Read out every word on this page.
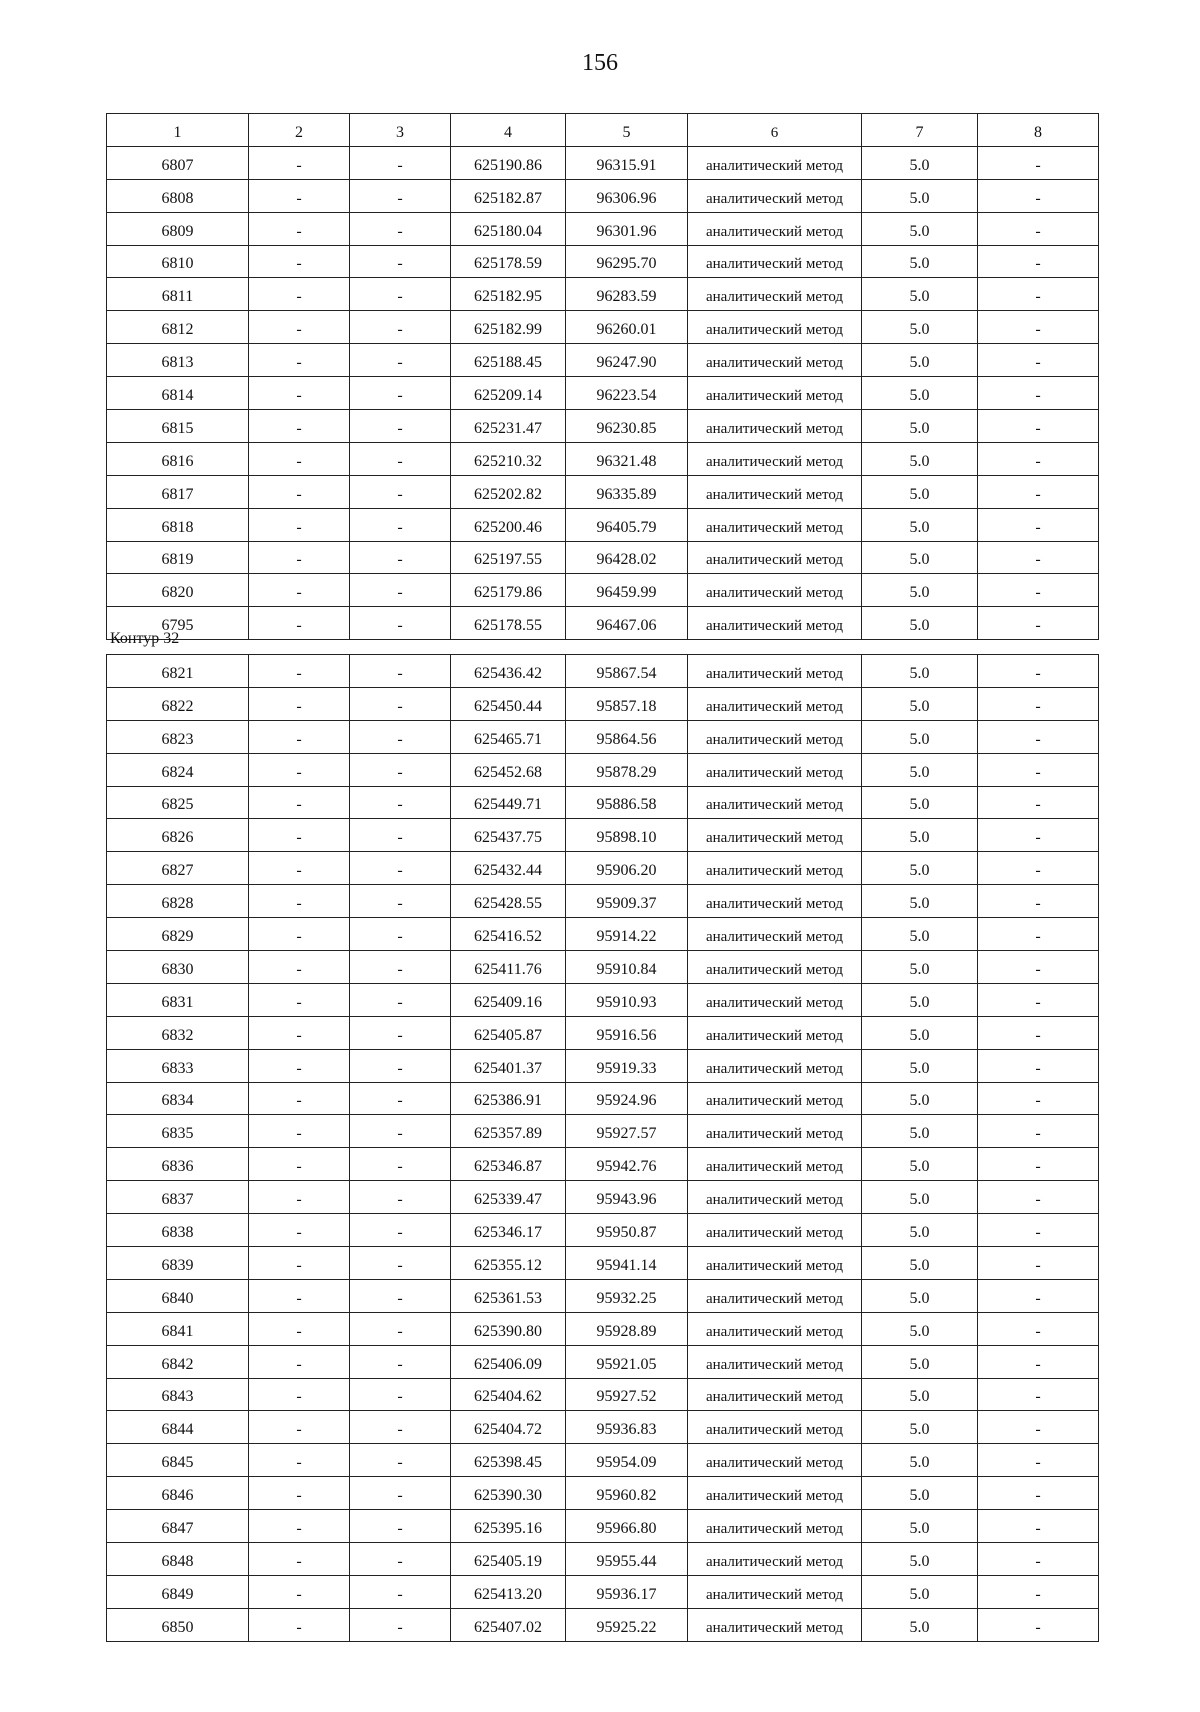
156
1	2	3	4	5	6	7	8
6807	-	-	625190.86	96315.91	аналитический метод	5.0	-
6808	-	-	625182.87	96306.96	аналитический метод	5.0	-
6809	-	-	625180.04	96301.96	аналитический метод	5.0	-
6810	-	-	625178.59	96295.70	аналитический метод	5.0	-
6811	-	-	625182.95	96283.59	аналитический метод	5.0	-
6812	-	-	625182.99	96260.01	аналитический метод	5.0	-
6813	-	-	625188.45	96247.90	аналитический метод	5.0	-
6814	-	-	625209.14	96223.54	аналитический метод	5.0	-
6815	-	-	625231.47	96230.85	аналитический метод	5.0	-
6816	-	-	625210.32	96321.48	аналитический метод	5.0	-
6817	-	-	625202.82	96335.89	аналитический метод	5.0	-
6818	-	-	625200.46	96405.79	аналитический метод	5.0	-
6819	-	-	625197.55	96428.02	аналитический метод	5.0	-
6820	-	-	625179.86	96459.99	аналитический метод	5.0	-
6795	-	-	625178.55	96467.06	аналитический метод	5.0	-
Контур 32
6821	-	-	625436.42	95867.54	аналитический метод	5.0	-
6822	-	-	625450.44	95857.18	аналитический метод	5.0	-
6823	-	-	625465.71	95864.56	аналитический метод	5.0	-
6824	-	-	625452.68	95878.29	аналитический метод	5.0	-
6825	-	-	625449.71	95886.58	аналитический метод	5.0	-
6826	-	-	625437.75	95898.10	аналитический метод	5.0	-
6827	-	-	625432.44	95906.20	аналитический метод	5.0	-
6828	-	-	625428.55	95909.37	аналитический метод	5.0	-
6829	-	-	625416.52	95914.22	аналитический метод	5.0	-
6830	-	-	625411.76	95910.84	аналитический метод	5.0	-
6831	-	-	625409.16	95910.93	аналитический метод	5.0	-
6832	-	-	625405.87	95916.56	аналитический метод	5.0	-
6833	-	-	625401.37	95919.33	аналитический метод	5.0	-
6834	-	-	625386.91	95924.96	аналитический метод	5.0	-
6835	-	-	625357.89	95927.57	аналитический метод	5.0	-
6836	-	-	625346.87	95942.76	аналитический метод	5.0	-
6837	-	-	625339.47	95943.96	аналитический метод	5.0	-
6838	-	-	625346.17	95950.87	аналитический метод	5.0	-
6839	-	-	625355.12	95941.14	аналитический метод	5.0	-
6840	-	-	625361.53	95932.25	аналитический метод	5.0	-
6841	-	-	625390.80	95928.89	аналитический метод	5.0	-
6842	-	-	625406.09	95921.05	аналитический метод	5.0	-
6843	-	-	625404.62	95927.52	аналитический метод	5.0	-
6844	-	-	625404.72	95936.83	аналитический метод	5.0	-
6845	-	-	625398.45	95954.09	аналитический метод	5.0	-
6846	-	-	625390.30	95960.82	аналитический метод	5.0	-
6847	-	-	625395.16	95966.80	аналитический метод	5.0	-
6848	-	-	625405.19	95955.44	аналитический метод	5.0	-
6849	-	-	625413.20	95936.17	аналитический метод	5.0	-
6850	-	-	625407.02	95925.22	аналитический метод	5.0	-
